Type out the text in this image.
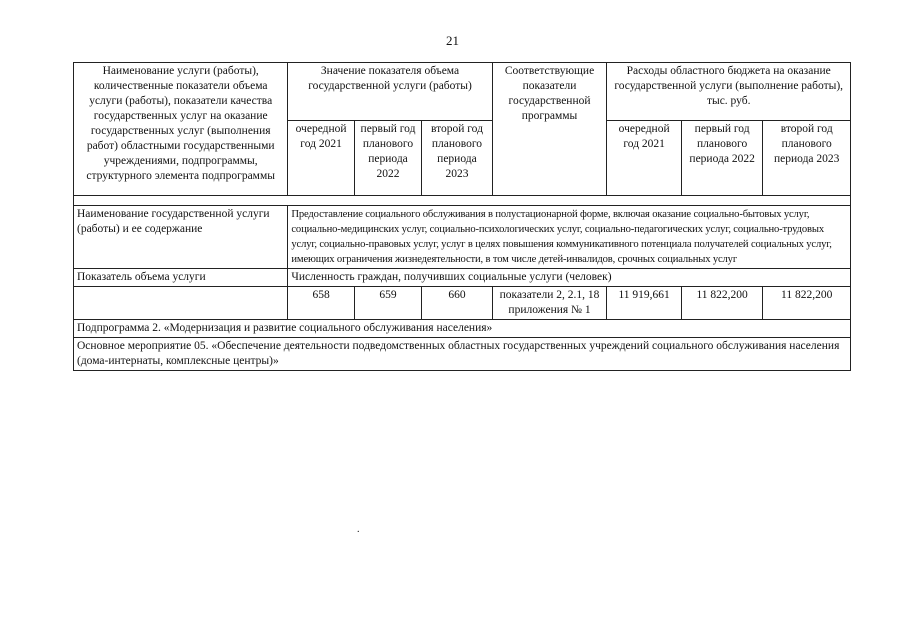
21
Наименование услуги (работы), количественные показатели объема услуги (работы), показатели качества государственных услуг на оказание государственных услуг (выполнения работ) областными государственными учреждениями, подпрограммы, структурного элемента подпрограммы	Значение показателя объема государственной услуги (работы)			Соответствующие показатели государственной программы	Расходы областного бюджета на оказание государственной услуги (выполнение работы), тыс. руб.		
	очередной год 2021	первый год планового периода 2022	второй год планового периода 2023		очередной год 2021	первый год планового периода 2022	второй год планового периода 2023

Наименование государственной услуги (работы) и ее содержание	Предоставление социального обслуживания в полустационарной форме, включая оказание социально-бытовых услуг, социально-медицинских услуг, социально-психологических услуг, социально-педагогических услуг, социально-трудовых услуг, социально-правовых услуг, услуг в целях повышения коммуникативного потенциала получателей социальных услуг, имеющих ограничения жизнедеятельности, в том числе детей-инвалидов, срочных социальных услуг						
Показатель объема услуги	Численность граждан, получивших социальные услуги (человек)						
	658	659	660	показатели 2, 2.1, 18 приложения № 1	11 919,661	11 822,200	11 822,200
Подпрограмма 2. «Модернизация и развитие социального обслуживания населения»							
Основное мероприятие 05. «Обеспечение деятельности подведомственных областных государственных учреждений социального обслуживания населения (дома-интернаты, комплексные центры)»							
.
